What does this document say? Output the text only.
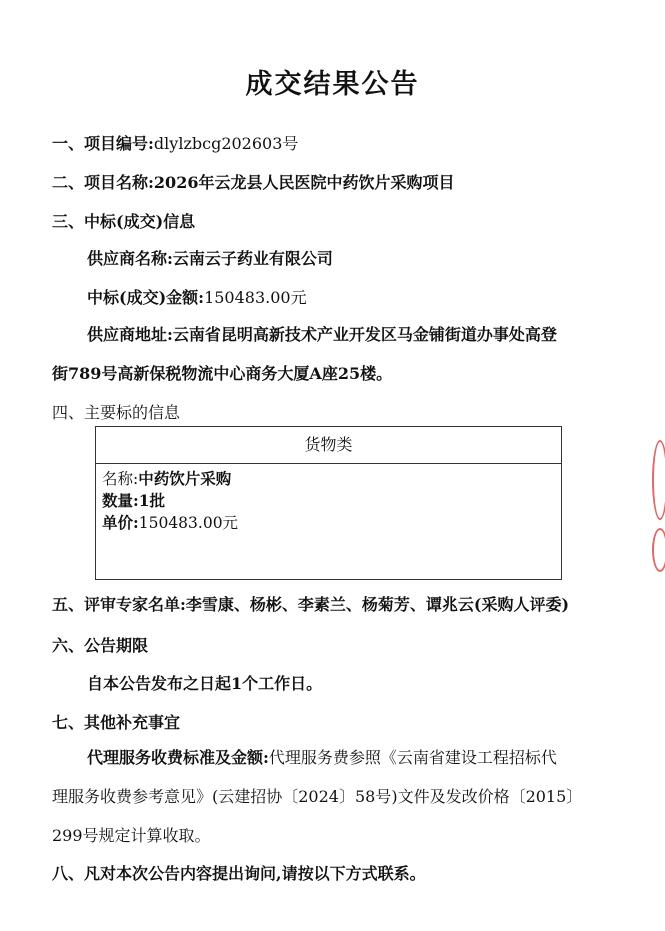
成交结果公告
一、项目编号:dlylzbcg202603号
二、项目名称:2026年云龙县人民医院中药饮片采购项目
三、中标(成交)信息
供应商名称:云南云子药业有限公司
中标(成交)金额:150483.00元
供应商地址:云南省昆明高新技术产业开发区马金铺街道办事处高登
街789号高新保税物流中心商务大厦A座25楼。
四、主要标的信息
货物类
名称:中药饮片采购
数量:1批
单价:150483.00元
五、评审专家名单:李雪康、杨彬、李素兰、杨菊芳、谭兆云(采购人评委)
六、公告期限
自本公告发布之日起1个工作日。
七、其他补充事宜
代理服务收费标准及金额:代理服务费参照《云南省建设工程招标代
理服务收费参考意见》(云建招协〔2024〕58号)文件及发改价格〔2015〕
299号规定计算收取。
八、凡对本次公告内容提出询问,请按以下方式联系。
